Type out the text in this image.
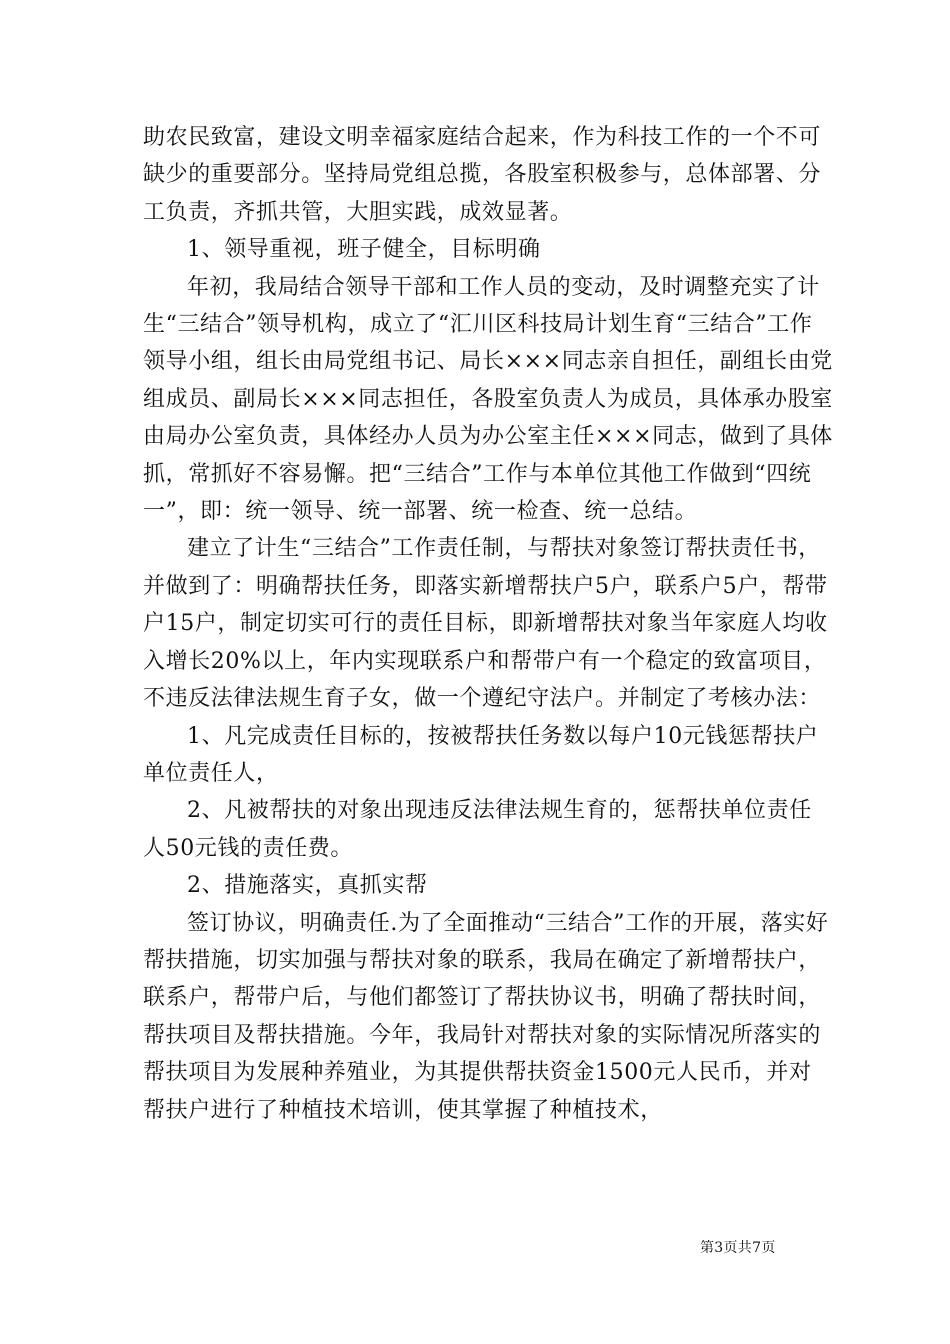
助农民致富，建设文明幸福家庭结合起来，作为科技工作的一个不可缺少的重要部分。坚持局党组总揽，各股室积极参与，总体部署、分工负责，齐抓共管，大胆实践，成效显著。

1、领导重视，班子健全，目标明确

年初，我局结合领导干部和工作人员的变动，及时调整充实了计生“三结合”领导机构，成立了“汇川区科技局计划生育“三结合”工作领导小组，组长由局党组书记、局长×××同志亲自担任，副组长由党组成员、副局长×××同志担任，各股室负责人为成员，具体承办股室由局办公室负责，具体经办人员为办公室主任×××同志，做到了具体抓，常抓好不容易懈。把“三结合”工作与本单位其他工作做到“四统一”，即：统一领导、统一部署、统一检查、统一总结。

建立了计生“三结合”工作责任制，与帮扶对象签订帮扶责任书，并做到了：明确帮扶任务，即落实新增帮扶户5户，联系户5户，帮带户15户，制定切实可行的责任目标，即新增帮扶对象当年家庭人均收入增长20%以上，年内实现联系户和帮带户有一个稳定的致富项目，不违反法律法规生育子女，做一个遵纪守法户。并制定了考核办法：

1、凡完成责任目标的，按被帮扶任务数以每户10元钱惩帮扶户单位责任人，

2、凡被帮扶的对象出现违反法律法规生育的，惩帮扶单位责任人50元钱的责任费。

2、措施落实，真抓实帮

签订协议，明确责任.为了全面推动“三结合”工作的开展，落实好帮扶措施，切实加强与帮扶对象的联系，我局在确定了新增帮扶户，联系户，帮带户后，与他们都签订了帮扶协议书，明确了帮扶时间，帮扶项目及帮扶措施。今年，我局针对帮扶对象的实际情况所落实的帮扶项目为发展种养殖业，为其提供帮扶资金1500元人民币，并对帮扶户进行了种植技术培训，使其掌握了种植技术，

第3页共7页
